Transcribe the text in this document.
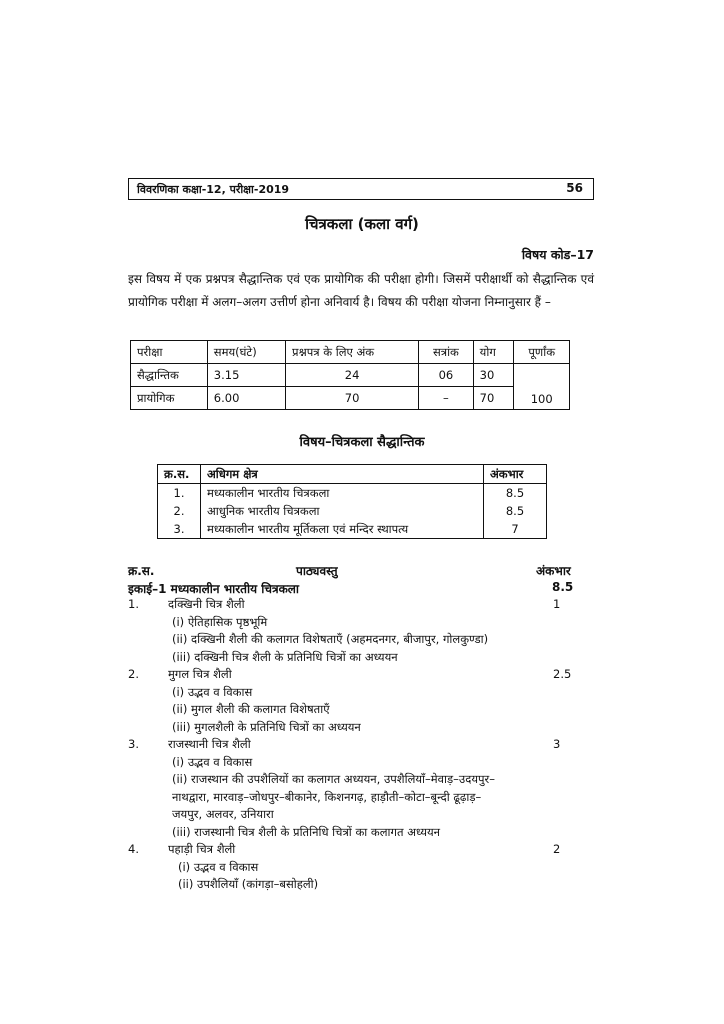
विवरणिका कक्षा-12, परीक्षा-2019	56
चित्रकला (कला वर्ग)
विषय कोड–17
इस विषय में एक प्रश्नपत्र सैद्धान्तिक एवं एक प्रायोगिक की परीक्षा होगी। जिसमें परीक्षार्थी को सैद्धान्तिक एवं प्रायोगिक परीक्षा में अलग–अलग उत्तीर्ण होना अनिवार्य है। विषय की परीक्षा योजना निम्नानुसार हैं –
परीक्षा	समय(घंटे)	प्रश्नपत्र के लिए अंक	सत्रांक	योग	पूर्णांक
सैद्धान्तिक	3.15	24	06	30	100
प्रायोगिक	6.00	70	–	70	
विषय–चित्रकला सैद्धान्तिक
क्र.स.	अधिगम क्षेत्र	अंकभार
1.	मध्यकालीन भारतीय चित्रकला	8.5
2.	आधुनिक भारतीय चित्रकला	8.5
3.	मध्यकालीन भारतीय मूर्तिकला एवं मन्दिर स्थापत्य	7
क्र.स.	पाठ्यवस्तु	अंकभार
इकाई–1 मध्यकालीन भारतीय चित्रकला	8.5
1.	दक्खिनी चित्र शैली	1
(i) ऐतिहासिक पृष्ठभूमि
(ii) दक्खिनी शैली की कलागत विशेषताएँ (अहमदनगर, बीजापुर, गोलकुण्डा)
(iii) दक्खिनी चित्र शैली के प्रतिनिधि चित्रों का अध्ययन
2.	मुगल चित्र शैली	2.5
(i) उद्भव व विकास
(ii) मुगल शैली की कलागत विशेषताएँ
(iii) मुगलशैली के प्रतिनिधि चित्रों का अध्ययन
3.	राजस्थानी चित्र शैली	3
(i) उद्भव व विकास
(ii) राजस्थान की उपशैलियों का कलागत अध्ययन, उपशैलियाँ–मेवाड़–उदयपुर–
नाथद्वारा, मारवाड़–जोधपुर–बीकानेर, किशनगढ़, हाड़ौती–कोटा–बून्दी ढूढ़ाड़–
जयपुर, अलवर, उनियारा
(iii) राजस्थानी चित्र शैली के प्रतिनिधि चित्रों का कलागत अध्ययन
4.	पहाड़ी चित्र शैली	2
(i) उद्भव व विकास
(ii) उपशैलियाँ (कांगड़ा–बसोहली)
